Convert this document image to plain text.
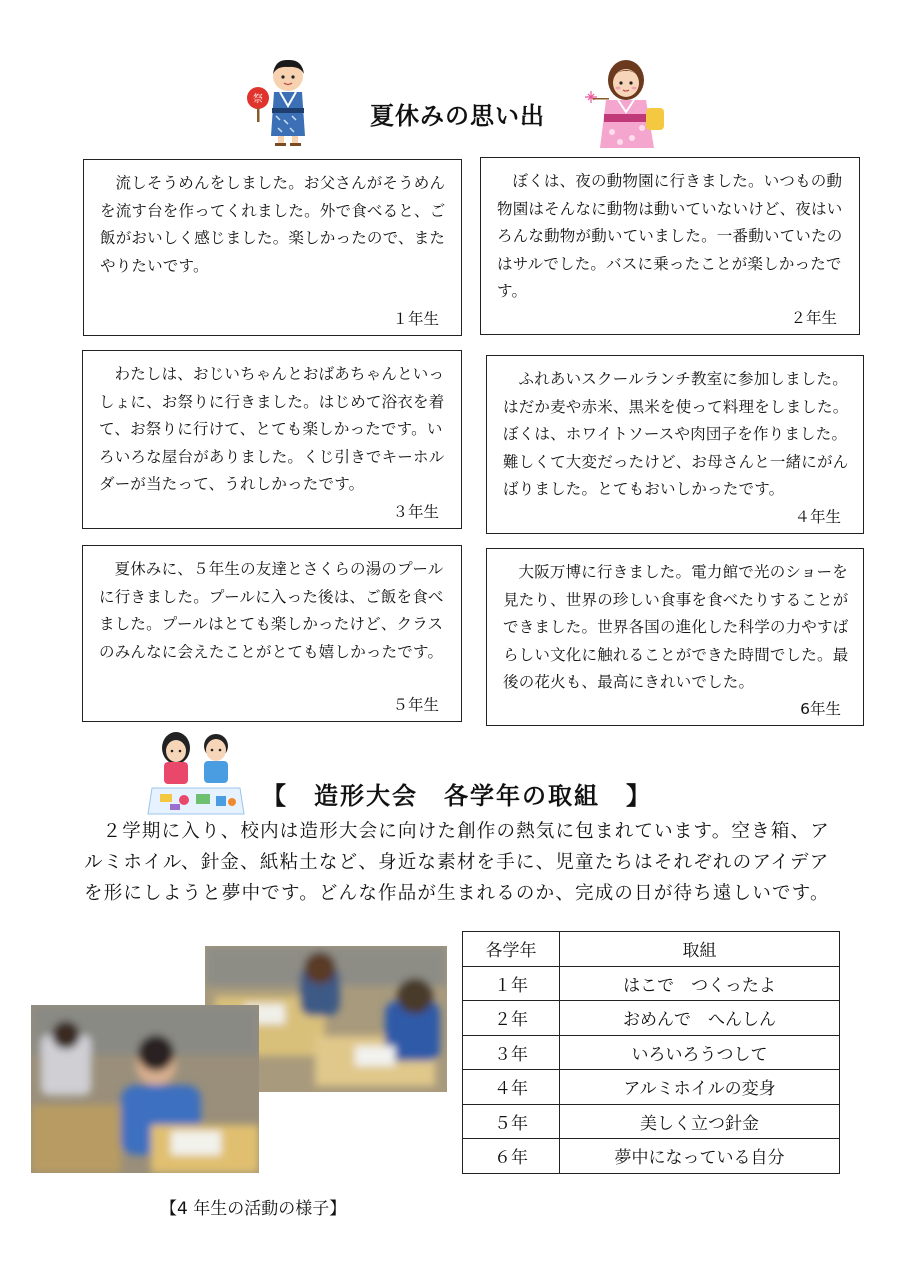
祭
夏休みの思い出
流しそうめんをしました。お父さんがそうめんを流す台を作ってくれました。外で食べると、ご飯がおいしく感じました。楽しかったので、またやりたいです。
１年生
ぼくは、夜の動物園に行きました。いつもの動物園はそんなに動物は動いていないけど、夜はいろんな動物が動いていました。一番動いていたのはサルでした。バスに乗ったことが楽しかったです。
２年生
わたしは、おじいちゃんとおばあちゃんといっしょに、お祭りに行きました。はじめて浴衣を着て、お祭りに行けて、とても楽しかったです。いろいろな屋台がありました。くじ引きでキーホルダーが当たって、うれしかったです。
３年生
ふれあいスクールランチ教室に参加しました。はだか麦や赤米、黒米を使って料理をしました。ぼくは、ホワイトソースや肉団子を作りました。難しくて大変だったけど、お母さんと一緒にがんばりました。とてもおいしかったです。
４年生
夏休みに、５年生の友達とさくらの湯のプールに行きました。プールに入った後は、ご飯を食べました。プールはとても楽しかったけど、クラスのみんなに会えたことがとても嬉しかったです。
５年生
大阪万博に行きました。電力館で光のショーを見たり、世界の珍しい食事を食べたりすることができました。世界各国の進化した科学の力やすばらしい文化に触れることができた時間でした。最後の花火も、最高にきれいでした。
6年生
【　造形大会　各学年の取組　】
２学期に入り、校内は造形大会に向けた創作の熱気に包まれています。空き箱、アルミホイル、針金、紙粘土など、身近な素材を手に、児童たちはそれぞれのアイデアを形にしようと夢中です。どんな作品が生まれるのか、完成の日が待ち遠しいです。
【4 年生の活動の様子】
各学年	取組
１年	はこで　つくったよ
２年	おめんで　へんしん
３年	いろいろうつして
４年	アルミホイルの変身
５年	美しく立つ針金
６年	夢中になっている自分
